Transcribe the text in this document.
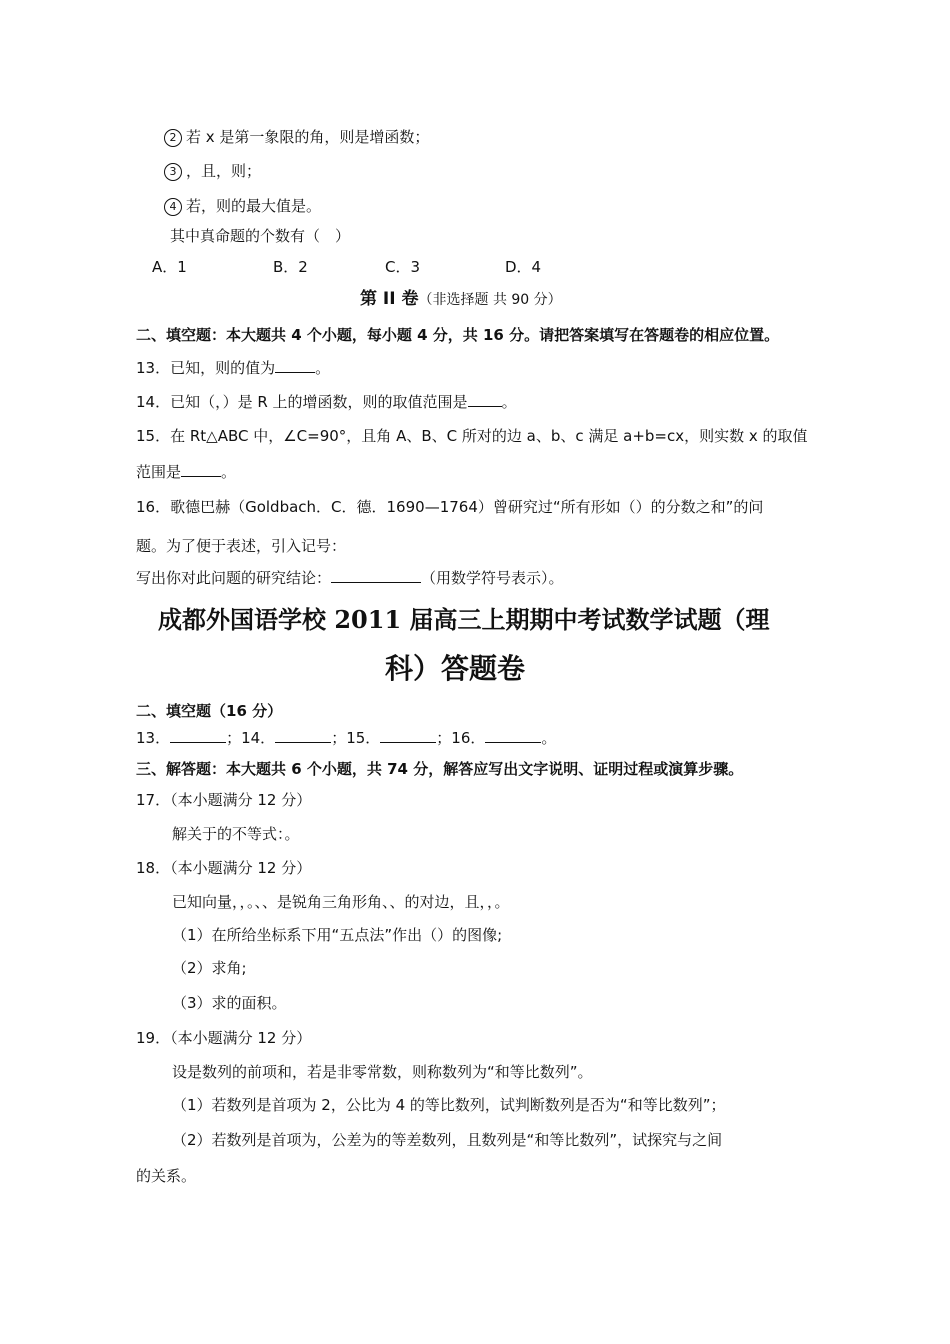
2 若 x 是第一象限的角，则是增函数；
3 ，且，则；
4 若，则的最大值是。
其中真命题的个数有（　）
A．1	B．2	C．3	D．4
第 II 卷（非选择题 共 90 分）
二、填空题：本大题共 4 个小题，每小题 4 分，共 16 分。请把答案填写在答题卷的相应位置。
13．已知，则的值为	。
14．已知（，）是 R 上的增函数，则的取值范围是 。
15．在 Rt△ABC 中，∠C=90°，且角 A、B、C 所对的边 a、b、c 满足 a+b=cx，则实数 x 的取值
范围是	。
16．歌德巴赫（Goldbach．C．德．1690—1764）曾研究过“所有形如（）的分数之和”的问
题。为了便于表述，引入记号：
写出你对此问题的研究结论：	（用数学符号表示）。
成都外国语学校 2011 届高三上期期中考试数学试题（理
科）答题卷
二、填空题（16 分）
13．	；14．	；15．	；16．	。
三、解答题：本大题共 6 个小题，共 74 分，解答应写出文字说明、证明过程或演算步骤。
17．（本小题满分 12 分）
解关于的不等式：。
18．（本小题满分 12 分）
已知向量，，。、、是锐角三角形角、、的对边，且，，。
（1）在所给坐标系下用“五点法”作出（）的图像;
（2）求角;
（3）求的面积。
19．（本小题满分 12 分）
设是数列的前项和，若是非零常数，则称数列为“和等比数列”。
（1）若数列是首项为 2，公比为 4 的等比数列，试判断数列是否为“和等比数列”；
（2）若数列是首项为，公差为的等差数列，且数列是“和等比数列”，试探究与之间
的关系。
